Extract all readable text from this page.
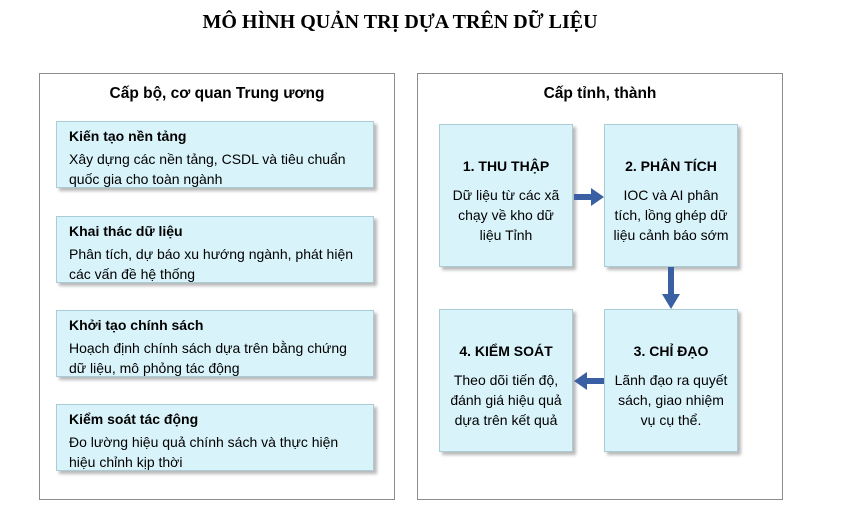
MÔ HÌNH QUẢN TRỊ DỰA TRÊN DỮ LIỆU
Cấp bộ, cơ quan Trung ương
Kiến tạo nền tảng
Xây dựng các nền tảng, CSDL và tiêu chuẩn quốc gia cho toàn ngành
Khai thác dữ liệu
Phân tích, dự báo xu hướng ngành, phát hiện các vấn đề hệ thống
Khởi tạo chính sách
Hoạch định chính sách dựa trên bằng chứng dữ liệu, mô phỏng tác động
Kiểm soát tác động
Đo lường hiệu quả chính sách và thực hiện hiệu chỉnh kịp thời
Cấp tỉnh, thành
1. THU THẬP
Dữ liệu từ các xã chạy về kho dữ liệu Tỉnh
2. PHÂN TÍCH
IOC và AI phân tích, lồng ghép dữ liệu cảnh báo sớm
3. CHỈ ĐẠO
Lãnh đạo ra quyết sách, giao nhiệm vụ cụ thể.
4. KIỂM SOÁT
Theo dõi tiến độ, đánh giá hiệu quả dựa trên kết quả
